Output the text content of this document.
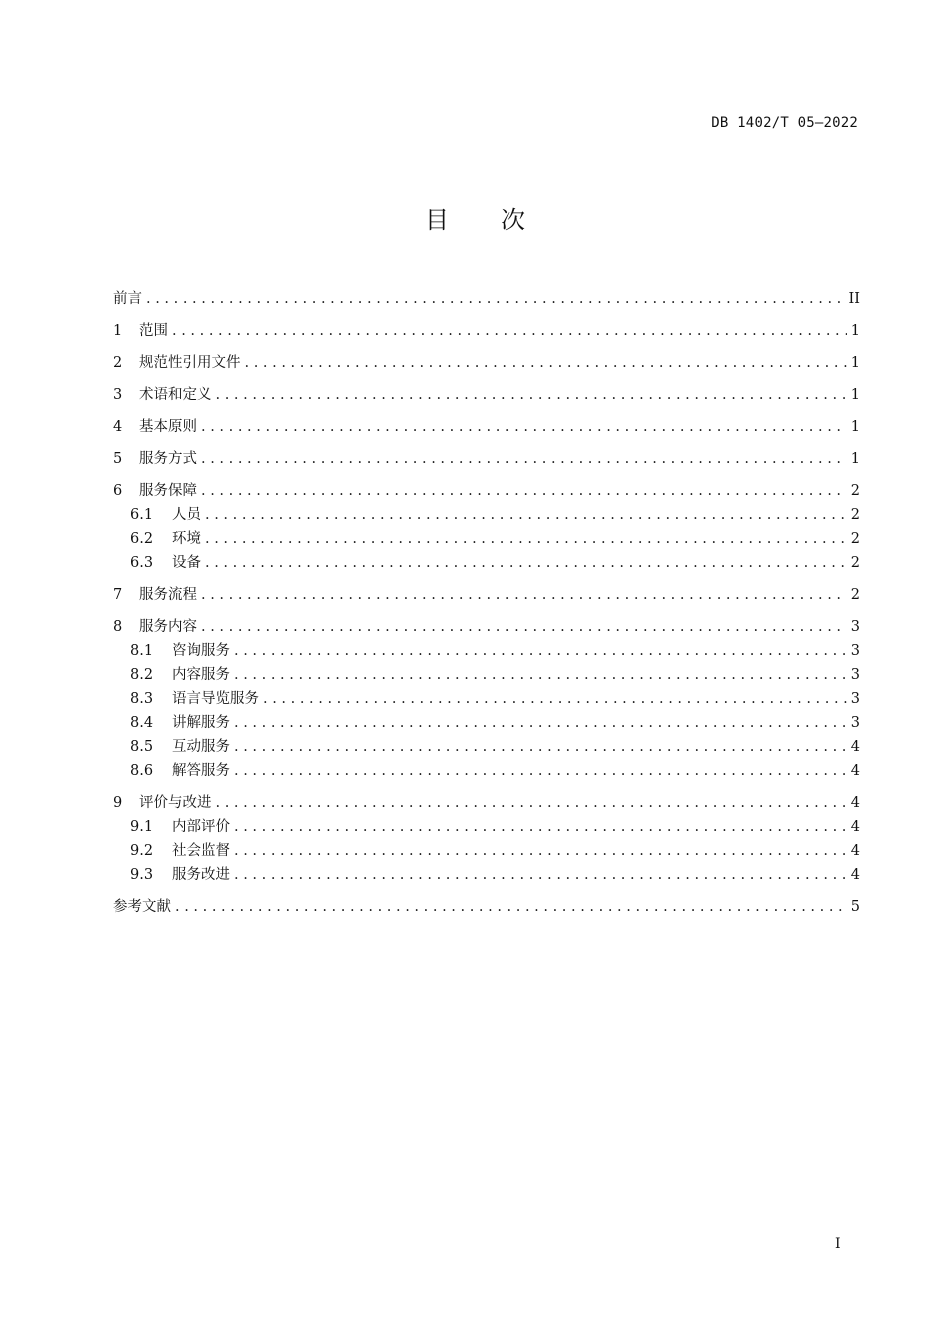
DB 1402/T 05—2022
目 次
前言 .....	II
1	范围 .....	1
2	规范性引用文件 .....	1
3	术语和定义 .....	1
4	基本原则 .....	1
5	服务方式 .....	1
6	服务保障 .....	2
6.1	人员 .....	2
6.2	环境 .....	2
6.3	设备 .....	2
7	服务流程 .....	2
8	服务内容 .....	3
8.1	咨询服务 .....	3
8.2	内容服务 .....	3
8.3	语言导览服务 .....	3
8.4	讲解服务 .....	3
8.5	互动服务 .....	4
8.6	解答服务 .....	4
9	评价与改进 .....	4
9.1	内部评价 .....	4
9.2	社会监督 .....	4
9.3	服务改进 .....	4
参考文献 .....	5
I
